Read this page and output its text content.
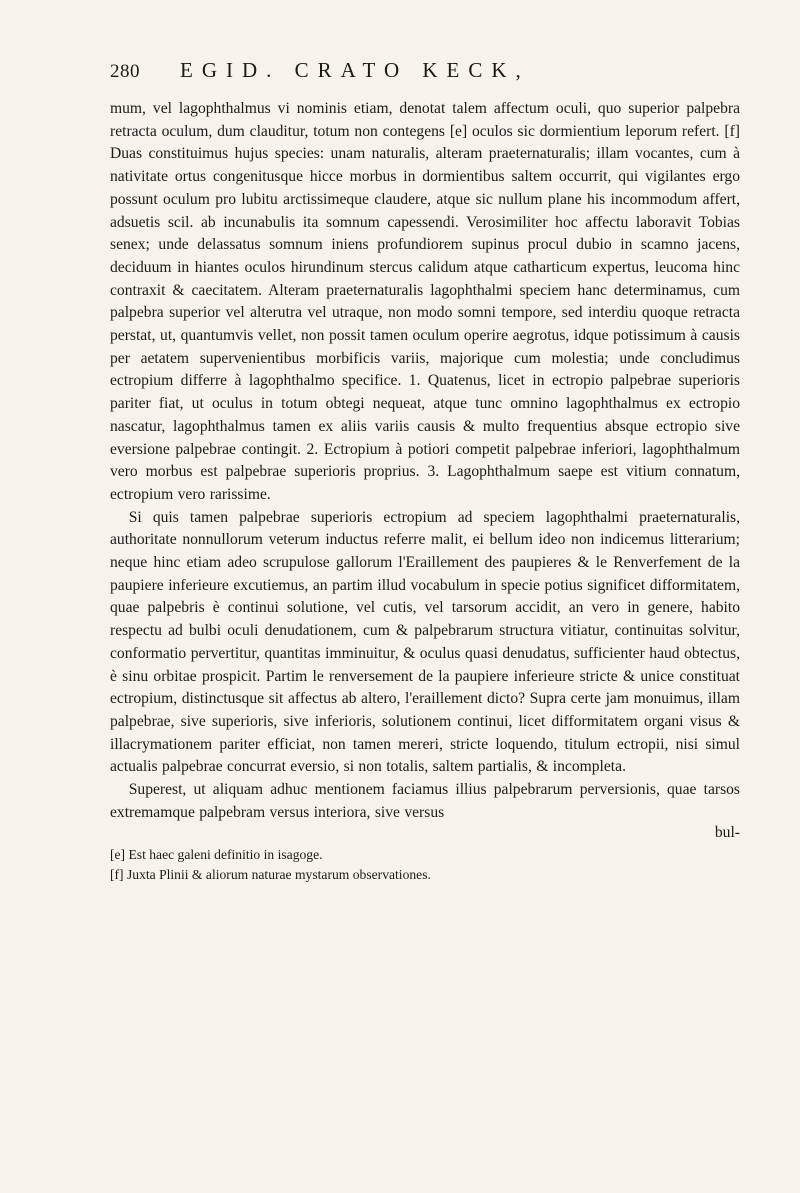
280	EGID. CRATO KECK,

mum, vel lagophthalmus vi nominis etiam, denotat talem affectum oculi, quo superior palpebra retracta oculum, dum clauditur, totum non contegens [e] oculos sic dormientium leporum refert. [f] Duas constituimus hujus species: unam naturalis, alteram praeternaturalis; illam vocantes, cum à nativitate ortus congenitusque hicce morbus in dormientibus saltem occurrit, qui vigilantes ergo possunt oculum pro lubitu arctissimeque claudere, atque sic nullum plane his incommodum affert, adsuetis scil. ab incunabulis ita somnum capessendi. Verosimiliter hoc affectu laboravit Tobias senex; unde delassatus somnum iniens profundiorem supinus procul dubio in scamno jacens, deciduum in hiantes oculos hirundinum stercus calidum atque catharticum expertus, leucoma hinc contraxit & caecitatem. Alteram praeternaturalis lagophthalmi speciem hanc determinamus, cum palpebra superior vel alterutra vel utraque, non modo somni tempore, sed interdiu quoque retracta perstat, ut, quantumvis vellet, non possit tamen oculum operire aegrotus, idque potissimum à causis per aetatem supervenientibus morbificis variis, majorique cum molestia; unde concludimus ectropium differre à lagophthalmo specifice. 1. Quatenus, licet in ectropio palpebrae superioris pariter fiat, ut oculus in totum obtegi nequeat, atque tunc omnino lagophthalmus ex ectropio nascatur, lagophthalmus tamen ex aliis variis causis & multo frequentius absque ectropio sive eversione palpebrae contingit. 2. Ectropium à potiori competit palpebrae inferiori, lagophthalmum vero morbus est palpebrae superioris proprius. 3. Lagophthalmum saepe est vitium connatum, ectropium vero rarissime.

Si quis tamen palpebrae superioris ectropium ad speciem lagophthalmi praeternaturalis, authoritate nonnullorum veterum inductus referre malit, ei bellum ideo non indicemus litterarium; neque hinc etiam adeo scrupulose gallorum l'Eraillement des paupieres & le Renverfement de la paupiere inferieure excutiemus, an partim illud vocabulum in specie potius significet difformitatem, quae palpebris è continui solutione, vel cutis, vel tarsorum accidit, an vero in genere, habito respectu ad bulbi oculi denudationem, cum & palpebrarum structura vitiatur, continuitas solvitur, conformatio pervertitur, quantitas imminuitur, & oculus quasi denudatus, sufficienter haud obtectus, è sinu orbitae prospicit. Partim le renversement de la paupiere inferieure stricte & unice constituat ectropium, distinctusque sit affectus ab altero, l'eraillement dicto? Supra certe jam monuimus, illam palpebrae, sive superioris, sive inferioris, solutionem continui, licet difformitatem organi visus & illacrymationem pariter efficiat, non tamen mereri, stricte loquendo, titulum ectropii, nisi simul actualis palpebrae concurrat eversio, si non totalis, saltem partialis, & incompleta.

Superest, ut aliquam adhuc mentionem faciamus illius palpebrarum perversionis, quae tarsos extremamque palpebram versus interiora, sive versus

bul-

[e] Est haec galeni definitio in isagoge.

[f] Juxta Plinii & aliorum naturae mystarum observationes.
